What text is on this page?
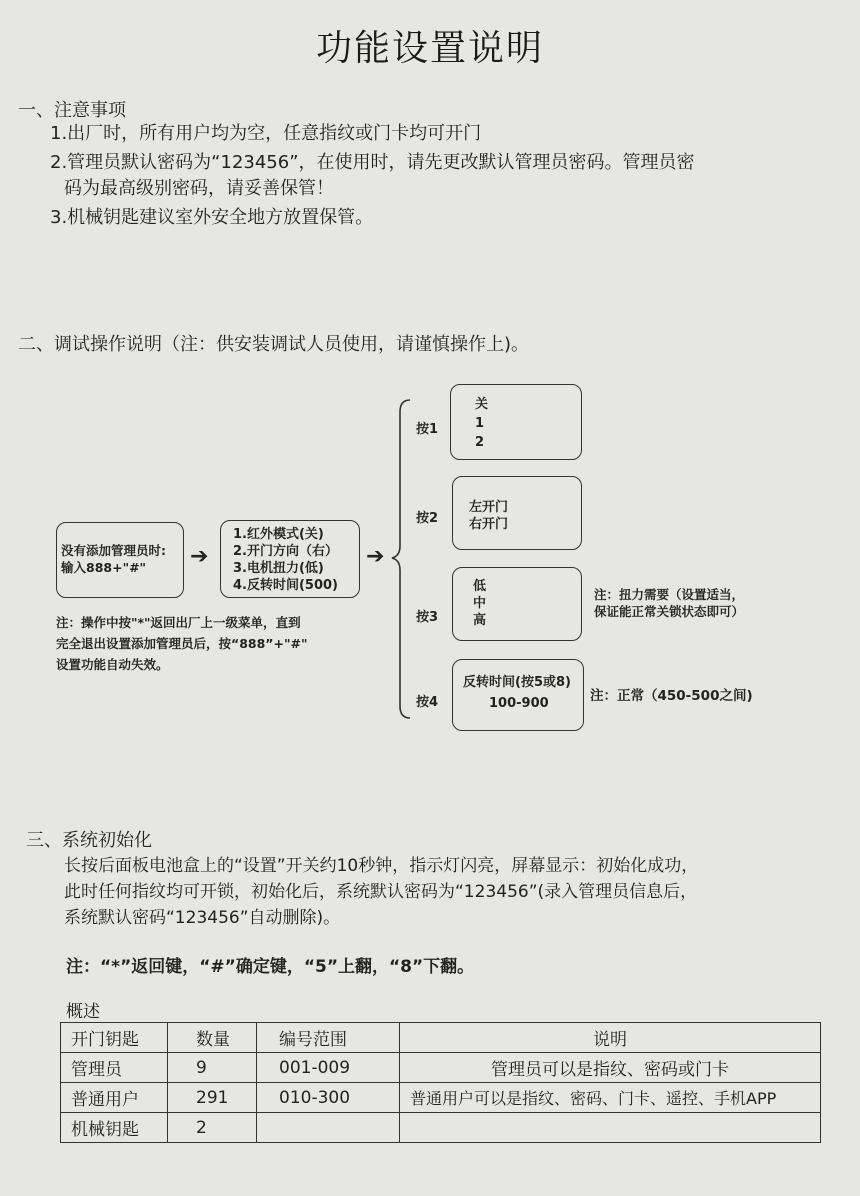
功能设置说明
一、注意事项
1.出厂时，所有用户均为空，任意指纹或门卡均可开门
2.管理员默认密码为“123456”，在使用时，请先更改默认管理员密码。管理员密
码为最高级别密码，请妥善保管！
3.机械钥匙建议室外安全地方放置保管。
二、调试操作说明（注：供安装调试人员使用，请谨慎操作上)。
没有添加管理员时:
输入888+"#"	➔
1.红外模式(关)
2.开门方向（右）
3.电机扭力(低)
4.反转时间(500)
➔
注：操作中按"*"返回出厂上一级菜单，直到
完全退出设置添加管理员后，按“888”+"#"
设置功能自动失效。
按1
关
1
2
按2
左开门
右开门
按3
低
中
高
注：扭力需要（设置适当，
保证能正常关锁状态即可）
按4
反转时间(按5或8)
100-900	注：正常（450-500之间)
三、系统初始化
长按后面板电池盒上的“设置”开关约10秒钟，指示灯闪亮，屏幕显示：初始化成功，
此时任何指纹均可开锁，初始化后，系统默认密码为“123456”(录入管理员信息后，
系统默认密码“123456”自动删除)。
注：“*”返回键，“#”确定键，“5”上翻，“8”下翻。
概述
开门钥匙	数量	编号范围	说明
管理员	9	001-009	管理员可以是指纹、密码或门卡
普通用户	291	010-300	普通用户可以是指纹、密码、门卡、遥控、手机APP
机械钥匙	2		
